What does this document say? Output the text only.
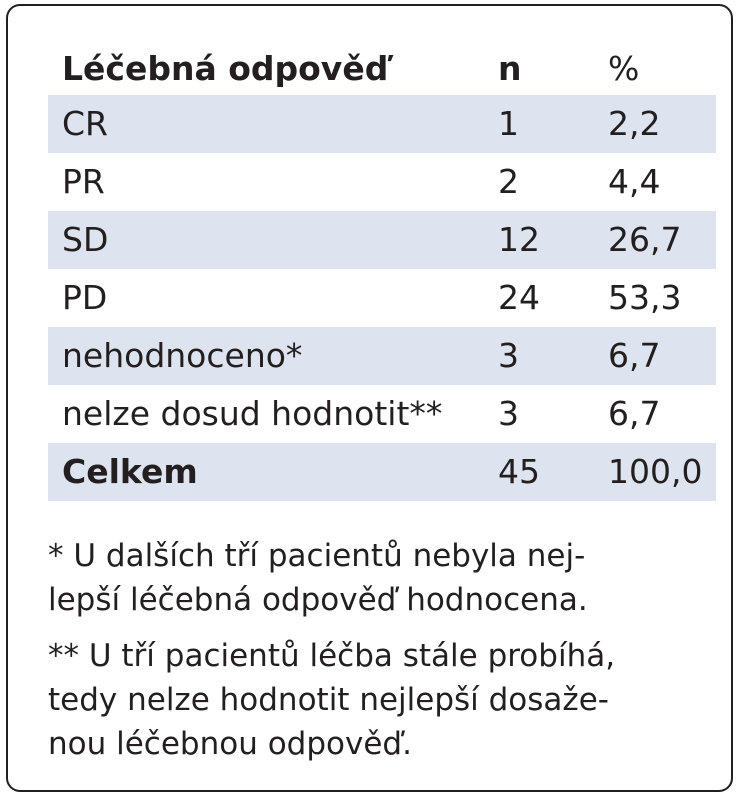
Léčebná odpověď	n	%
CR	1	2,2
PR	2	4,4
SD	12	26,7
PD	24	53,3
nehodnoceno*	3	6,7
nelze dosud hodnotit**	3	6,7
Celkem	45	100,0
* U dalších tří pacientů nebyla nej-
lepší léčebná odpověď hodnocena.
** U tří pacientů léčba stále probíhá,
tedy nelze hodnotit nejlepší dosaže-
nou léčebnou odpověď.
